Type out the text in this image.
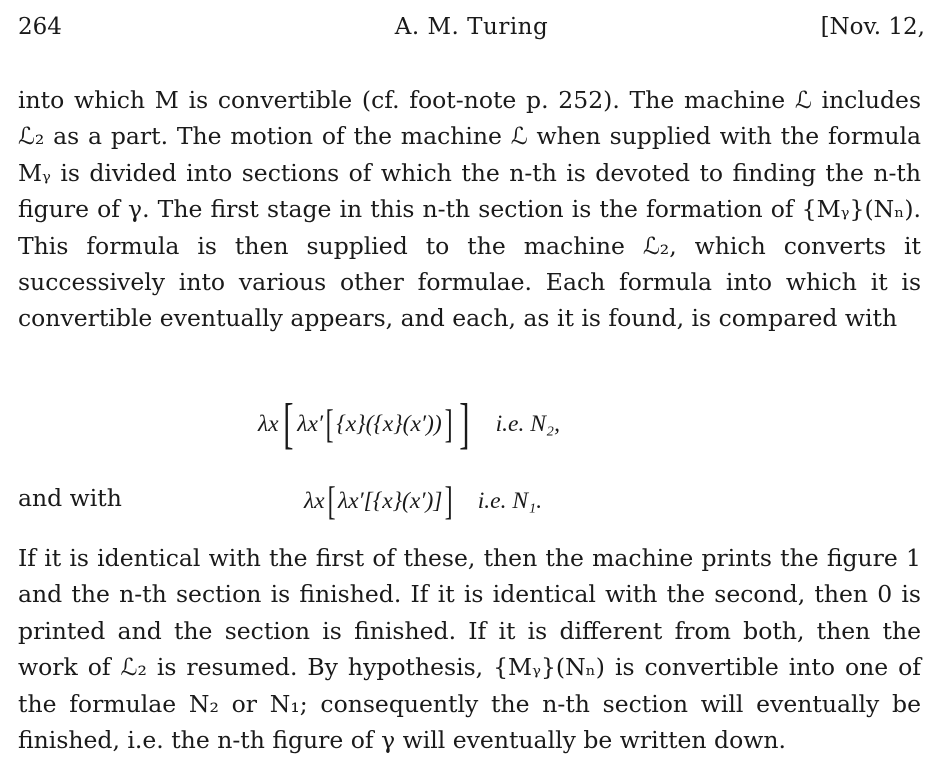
264	A. M. Turing	[Nov. 12,

into which M is convertible (cf. foot-note p. 252). The machine ℒ includes ℒ₂ as a part. The motion of the machine ℒ when supplied with the formula Mᵧ is divided into sections of which the n-th is devoted to finding the n-th figure of γ. The first stage in this n-th section is the formation of {Mᵧ}(Nₙ). This formula is then supplied to the machine ℒ₂, which converts it successively into various other formulae. Each formula into which it is convertible eventually appears, and each, as it is found, is compared with

λx [ λx′ [ {x}({x}(x′)) ] ] i.e. N₂,
and with	λx [ λx′[{x}(x′)] ] i.e. N₁.

If it is identical with the first of these, then the machine prints the figure 1 and the n-th section is finished. If it is identical with the second, then 0 is printed and the section is finished. If it is different from both, then the work of ℒ₂ is resumed. By hypothesis, {Mᵧ}(Nₙ) is convertible into one of the formulae N₂ or N₁; consequently the n-th section will eventually be finished, i.e. the n-th figure of γ will eventually be written down.
